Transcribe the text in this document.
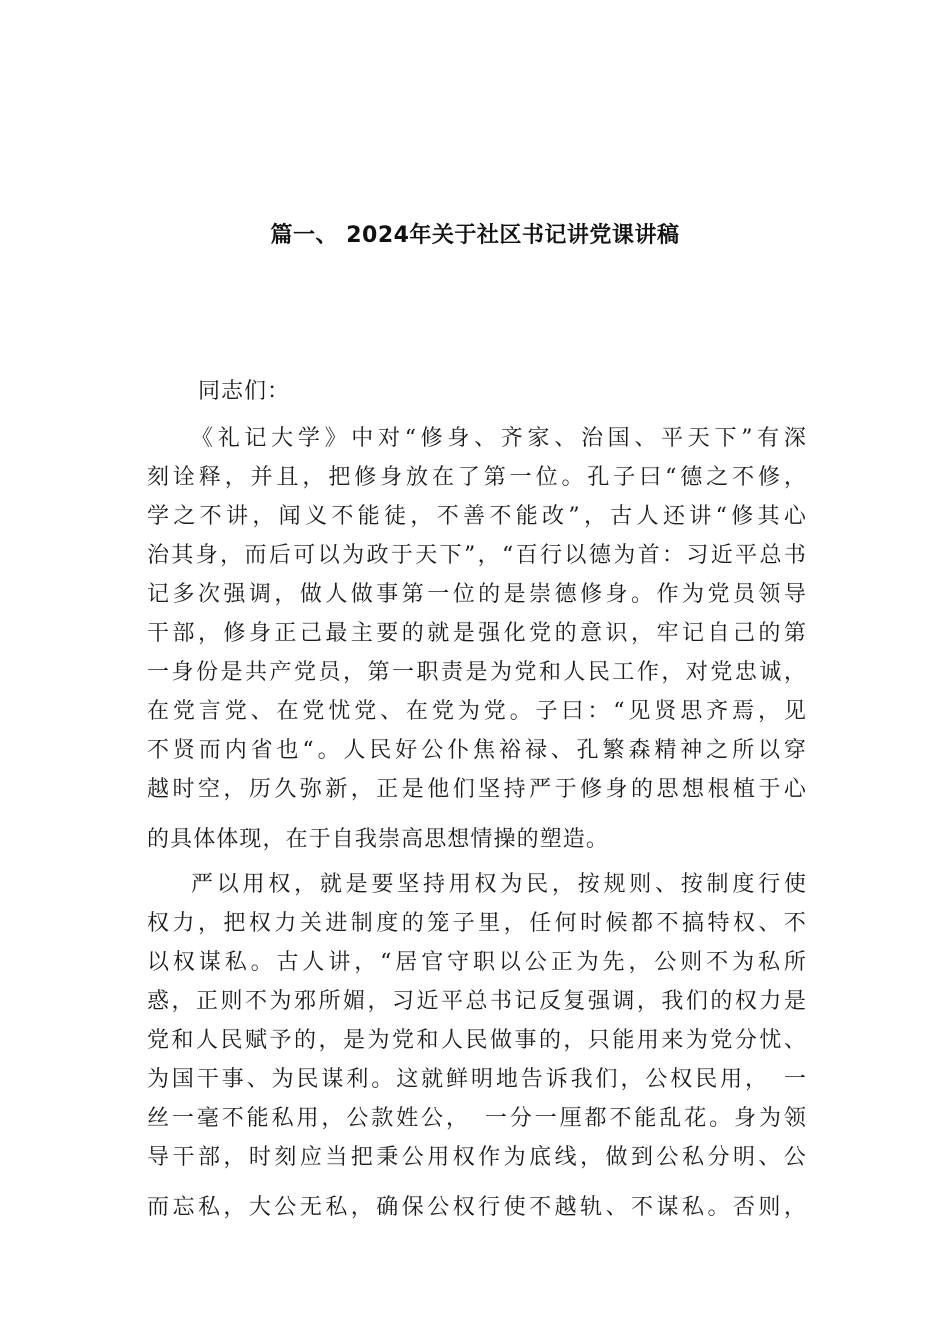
篇一、 2024年关于社区书记讲党课讲稿
同志们：
《礼记大学》中对“修身、齐家、治国、平天下”有深
刻诠释，并且，把修身放在了第一位。孔子曰“德之不修，
学之不讲，闻义不能徒，不善不能改”，古人还讲“修其心
治其身，而后可以为政于天下”，“百行以德为首：习近平总书
记多次强调，做人做事第一位的是崇德修身。作为党员领导
干部，修身正己最主要的就是强化党的意识，牢记自己的第
一身份是共产党员，第一职责是为党和人民工作，对党忠诚，
在党言党、在党忧党、在党为党。子曰：“见贤思齐焉，见
不贤而内省也“。人民好公仆焦裕禄、孔繁森精神之所以穿
越时空，历久弥新，正是他们坚持严于修身的思想根植于心
的具体体现，在于自我崇高思想情操的塑造。
严以用权，就是要坚持用权为民，按规则、按制度行使
权力，把权力关进制度的笼子里，任何时候都不搞特权、不
以权谋私。古人讲，“居官守职以公正为先，公则不为私所
惑，正则不为邪所媚，习近平总书记反复强调，我们的权力是
党和人民赋予的，是为党和人民做事的，只能用来为党分忧、
为国干事、为民谋利。这就鲜明地告诉我们，公权民用，　一
丝一毫不能私用，公款姓公，　一分一厘都不能乱花。身为领
导干部，时刻应当把秉公用权作为底线，做到公私分明、公
而忘私，大公无私，确保公权行使不越轨、不谋私。否则，
